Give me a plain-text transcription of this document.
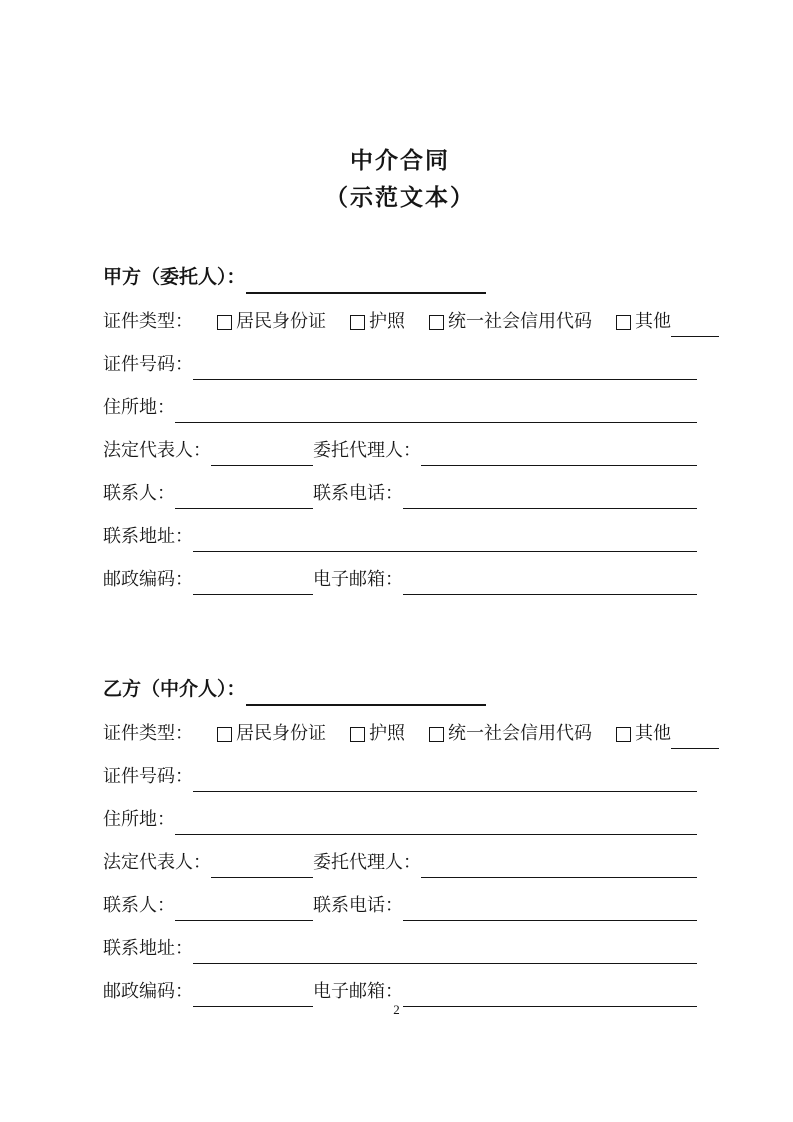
中介合同
（示范文本）
甲方（委托人）：
证件类型： 居民身份证 护照 统一社会信用代码 其他
证件号码：
住所地：
法定代表人：	委托代理人：
联系人：	联系电话：
联系地址：
邮政编码：	电子邮箱：
乙方（中介人）：
证件类型： 居民身份证 护照 统一社会信用代码 其他
证件号码：
住所地：
法定代表人：	委托代理人：
联系人：	联系电话：
联系地址：
邮政编码：	电子邮箱：
2
